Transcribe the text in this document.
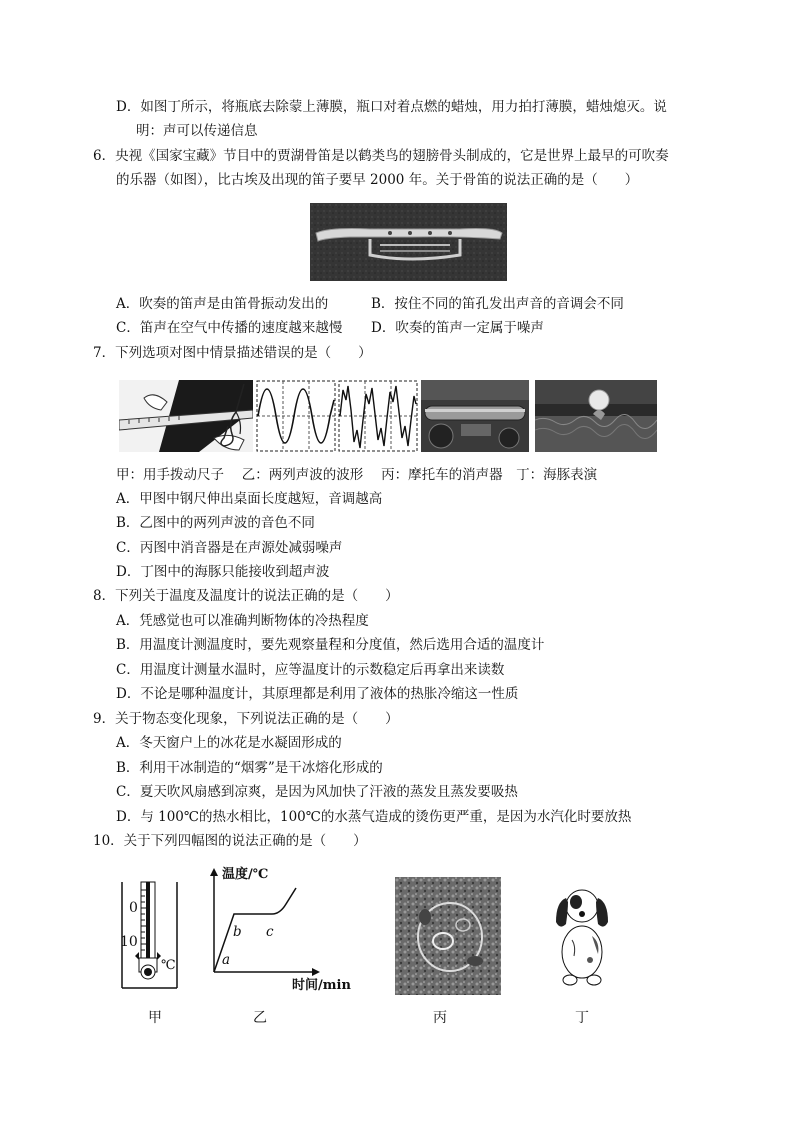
D．如图丁所示，将瓶底去除蒙上薄膜，瓶口对着点燃的蜡烛，用力拍打薄膜，蜡烛熄灭。说
明：声可以传递信息
6．央视《国家宝藏》节目中的贾湖骨笛是以鹤类鸟的翅膀骨头制成的，它是世界上最早的可吹奏
的乐器（如图），比古埃及出现的笛子要早 2000 年。关于骨笛的说法正确的是（　　）
A．吹奏的笛声是由笛骨振动发出的	B．按住不同的笛孔发出声音的音调会不同
C．笛声在空气中传播的速度越来越慢 D．吹奏的笛声一定属于噪声
7．下列选项对图中情景描述错误的是（　　）
甲：用手拨动尺子　 乙：两列声波的波形　 丙：摩托车的消声器　丁：海豚表演
A．甲图中钢尺伸出桌面长度越短，音调越高
B．乙图中的两列声波的音色不同
C．丙图中消音器是在声源处减弱噪声
D．丁图中的海豚只能接收到超声波
8．下列关于温度及温度计的说法正确的是（　　）
A．凭感觉也可以准确判断物体的冷热程度
B．用温度计测温度时，要先观察量程和分度值，然后选用合适的温度计
C．用温度计测量水温时，应等温度计的示数稳定后再拿出来读数
D．不论是哪种温度计，其原理都是利用了液体的热胀冷缩这一性质
9．关于物态变化现象，下列说法正确的是（　　）
A．冬天窗户上的冰花是水凝固形成的
B．利用干冰制造的“烟雾”是干冰熔化形成的
C．夏天吹风扇感到凉爽，是因为风加快了汗液的蒸发且蒸发要吸热
D．与 100℃的热水相比，100℃的水蒸气造成的烫伤更严重，是因为水汽化时要放热
10．关于下列四幅图的说法正确的是（　　）
0
10
℃
温度/℃
时间/min
a
b c
甲	乙	丙	丁
